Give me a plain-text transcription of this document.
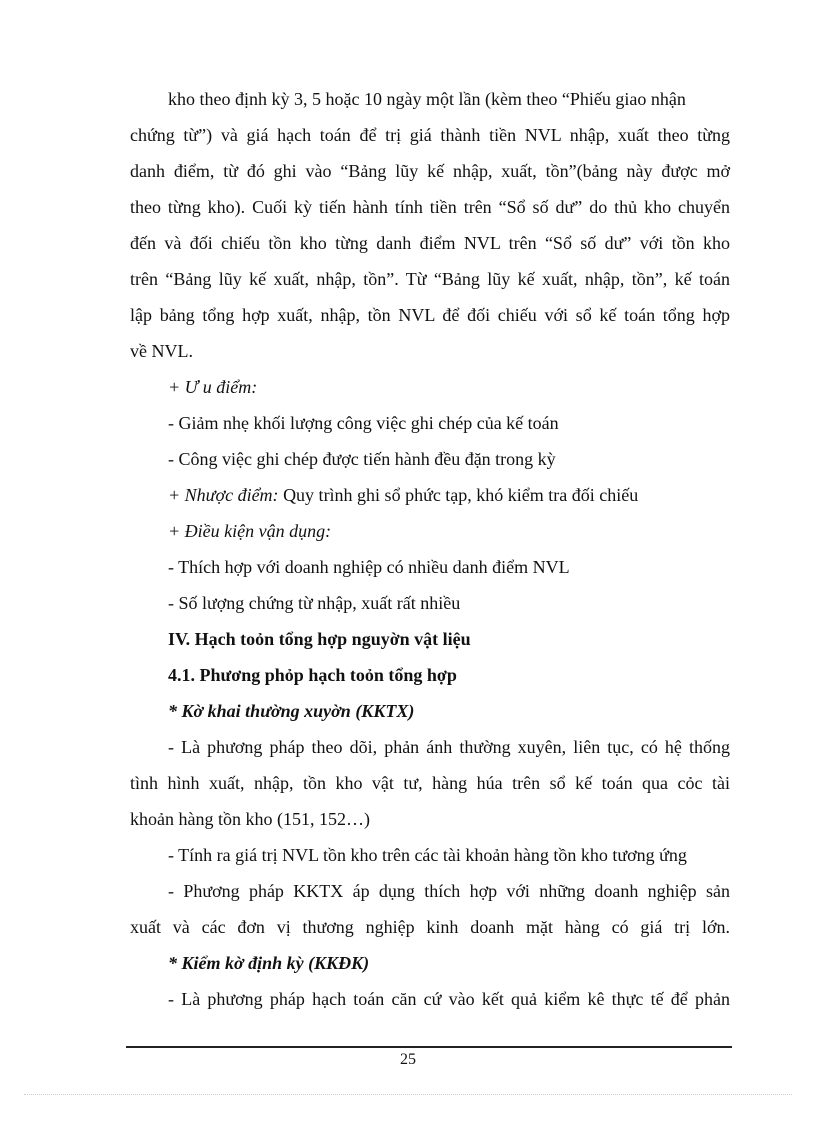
kho theo định kỳ 3, 5 hoặc 10 ngày một lần (kèm theo “Phiếu giao nhận
chứng từ”) và giá hạch toán để trị giá thành tiền NVL nhập, xuất theo từng
danh điểm, từ đó ghi vào “Bảng lũy kế nhập, xuất, tồn”(bảng này được mở
theo từng kho). Cuối kỳ tiến hành tính tiền trên “Sổ số dư” do thủ kho chuyển
đến và đối chiếu tồn kho từng danh điểm NVL trên “Sổ số dư” với tồn kho
trên “Bảng lũy kế xuất, nhập, tồn”. Từ “Bảng lũy kế xuất, nhập, tồn”, kế toán
lập bảng tổng hợp xuất, nhập, tồn NVL để đối chiếu với sổ kế toán tổng hợp
về NVL.
+ Ư u điểm:
- Giảm nhẹ khối lượng công việc ghi chép của kế toán
- Công việc ghi chép được tiến hành đều đặn trong kỳ
+ Nhược điểm: Quy trình ghi sổ phức tạp, khó kiểm tra đối chiếu
+ Điều kiện vận dụng:
- Thích hợp với doanh nghiệp có nhiều danh điểm NVL
- Số lượng chứng từ nhập, xuất rất nhiều
IV. Hạch toỏn tổng hợp nguyờn vật liệu
4.1. Phương phỏp hạch toỏn tổng hợp
* Kờ khai thường xuyờn (KKTX)
- Là phương pháp theo dõi, phản ánh thường xuyên, liên tục, có hệ thống
tình hình xuất, nhập, tồn kho vật tư, hàng húa trên sổ kế toán qua cỏc tài
khoản hàng tồn kho (151, 152…)
- Tính ra giá trị NVL tồn kho trên các tài khoản hàng tồn kho tương ứng
- Phương pháp KKTX áp dụng thích hợp với những doanh nghiệp sản
xuất và các đơn vị thương nghiệp kinh doanh mặt hàng có giá trị lớn.
* Kiểm kờ định kỳ (KKĐK)
- Là phương pháp hạch toán căn cứ vào kết quả kiểm kê thực tế để phản
25
